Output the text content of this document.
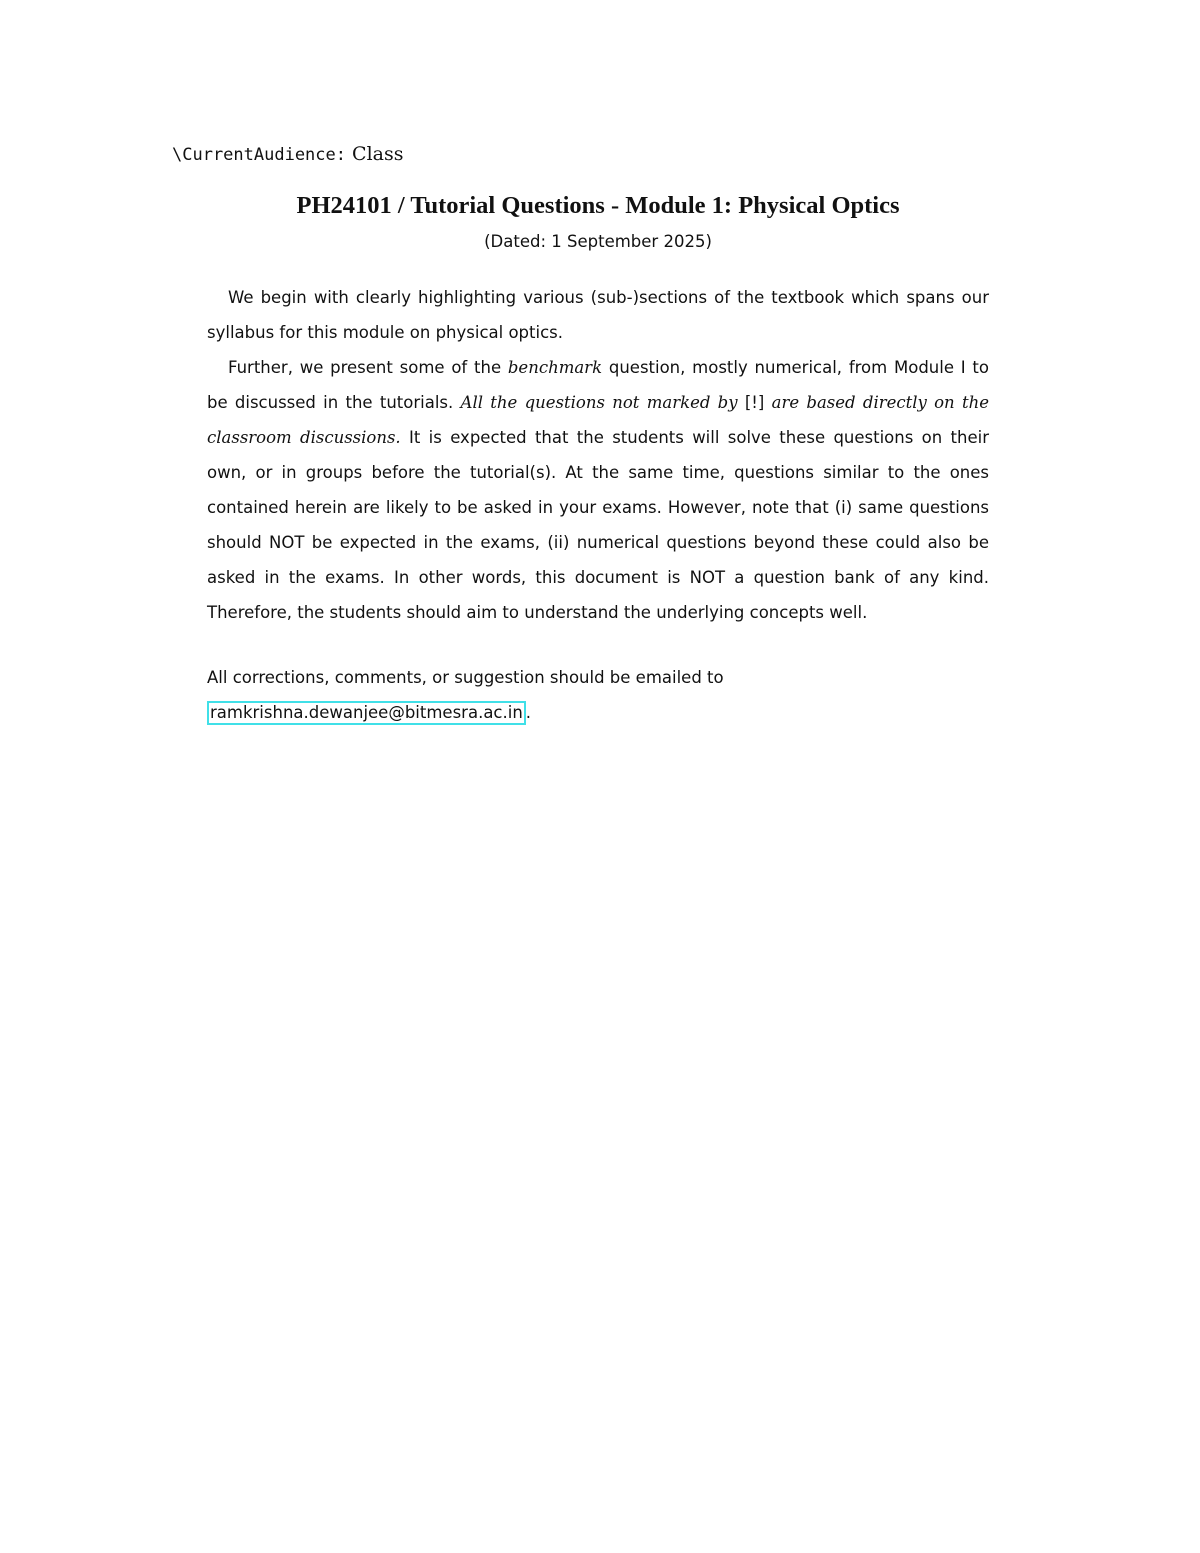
\CurrentAudience: Class
PH24101 / Tutorial Questions - Module 1: Physical Optics
(Dated: 1 September 2025)

We begin with clearly highlighting various (sub-)sections of the textbook which spans our syllabus for this module on physical optics.

Further, we present some of the benchmark question, mostly numerical, from Module I to be discussed in the tutorials. All the questions not marked by [!] are based directly on the classroom discussions. It is expected that the students will solve these questions on their own, or in groups before the tutorial(s). At the same time, questions similar to the ones contained herein are likely to be asked in your exams. However, note that (i) same questions should NOT be expected in the exams, (ii) numerical questions beyond these could also be asked in the exams. In other words, this document is NOT a question bank of any kind. Therefore, the students should aim to understand the underlying concepts well.

All corrections, comments, or suggestion should be emailed to
ramkrishna.dewanjee@bitmesra.ac.in .
